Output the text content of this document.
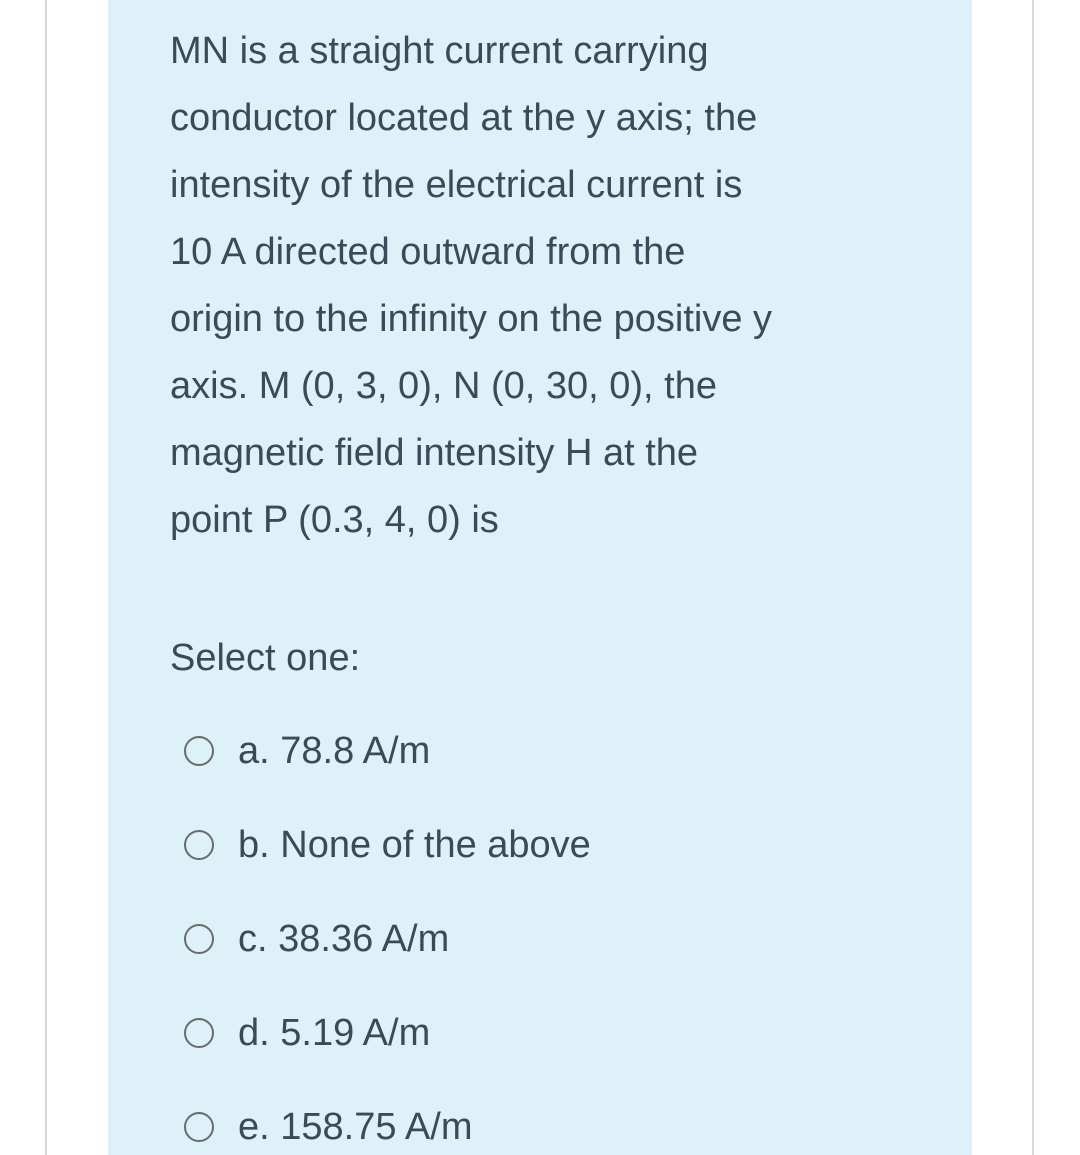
MN is a straight current carrying
conductor located at the y axis; the
intensity of the electrical current is
10 A directed outward from the
origin to the infinity on the positive y
axis. M (0, 3, 0), N (0, 30, 0), the
magnetic field intensity H at the
point P (0.3, 4, 0) is

Select one:
a. 78.8 A/m
b. None of the above
c. 38.36 A/m
d. 5.19 A/m
e. 158.75 A/m
